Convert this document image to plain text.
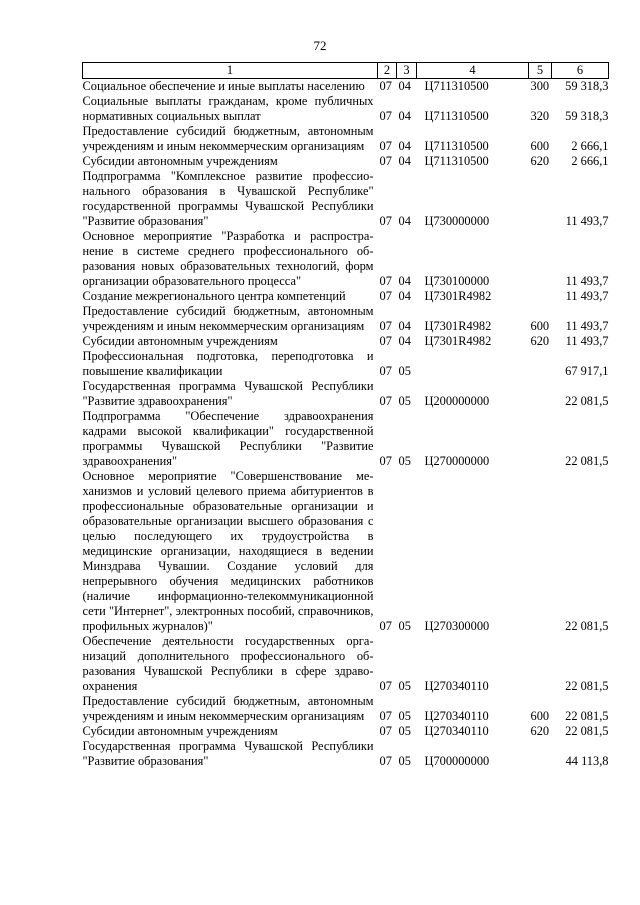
72
1	2	3	4	5	6
Социальное обеспечение и иные выплаты населению	07	04	Ц711310500	300	59 318,3
Социальные выплаты гражданам, кроме публичных нормативных социальных выплат	07	04	Ц711310500	320	59 318,3
Предоставление субсидий бюджетным, автономным учреждениям и иным некоммерческим организациям	07	04	Ц711310500	600	2 666,1
Субсидии автономным учреждениям	07	04	Ц711310500	620	2 666,1
Подпрограмма "Комплексное развитие профессионального образования в Чувашской Республике" государственной программы Чувашской Республики "Развитие образования"	07	04	Ц730000000		11 493,7
Основное мероприятие "Разработка и распространение в системе среднего профессионального образования новых образовательных технологий, форм организации образовательного процесса"	07	04	Ц730100000		11 493,7
Создание межрегионального центра компетенций	07	04	Ц7301R4982		11 493,7
Предоставление субсидий бюджетным, автономным учреждениям и иным некоммерческим организациям	07	04	Ц7301R4982	600	11 493,7
Субсидии автономным учреждениям	07	04	Ц7301R4982	620	11 493,7
Профессиональная подготовка, переподготовка и повышение квалификации	07	05			67 917,1
Государственная программа Чувашской Республики "Развитие здравоохранения"	07	05	Ц200000000		22 081,5
Подпрограмма "Обеспечение здравоохранения кадрами высокой квалификации" государственной программы Чувашской Республики "Развитие здравоохранения"	07	05	Ц270000000		22 081,5
Основное мероприятие "Совершенствование механизмов и условий целевого приема абитуриентов в профессиональные образовательные организации и образовательные организации высшего образования с целью последующего их трудоустройства в медицинские организации, находящиеся в ведении Минздрава Чувашии. Создание условий для непрерывного обучения медицинских работников (наличие информационно-телекоммуникационной сети "Интернет", электронных пособий, справочников, профильных журналов)"	07	05	Ц270300000		22 081,5
Обеспечение деятельности государственных организаций дополнительного профессионального образования Чувашской Республики в сфере здравоохранения	07	05	Ц270340110		22 081,5
Предоставление субсидий бюджетным, автономным учреждениям и иным некоммерческим организациям	07	05	Ц270340110	600	22 081,5
Субсидии автономным учреждениям	07	05	Ц270340110	620	22 081,5
Государственная программа Чувашской Республики "Развитие образования"	07	05	Ц700000000		44 113,8
